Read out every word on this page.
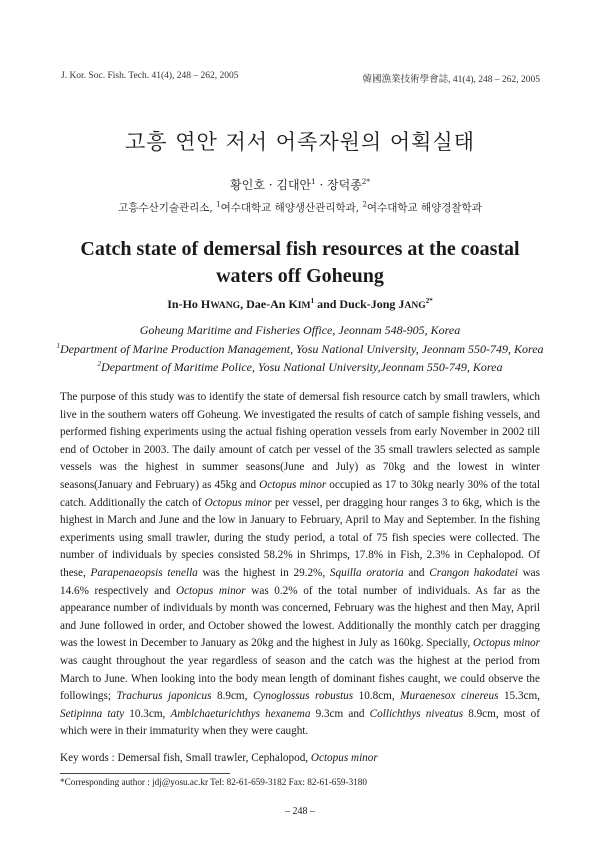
J. Kor. Soc. Fish. Tech. 41(4), 248 – 262, 2005	韓國漁業技術學會誌, 41(4), 248 – 262, 2005
고흥 연안 저서 어족자원의 어획실태
황인호 · 김대안$^1$ · 장덕종$^{2*}$
고흥수산기술관리소, $^1$여수대학교 해양생산관리학과, $^2$여수대학교 해양경찰학과
Catch state of demersal fish resources at the coastal
waters off Goheung
In-Ho HWANG, Dae-An KIM$^1$ and Duck-Jong $JANG^{2*}$
Goheung Maritime and Fisheries Office, Jeonnam 548-905, Korea
$^1$Department of Marine Production Management, Yosu National University, Jeonnam 550-749, Korea
$^2$Department of Maritime Police, Yosu National University,Jeonnam 550-749, Korea

The purpose of this study was to identify the state of demersal fish resource catch by small trawlers, which live in the southern waters off Goheung. We investigated the results of catch of sample fishing vessels, and performed fishing experiments using the actual fishing operation vessels from early November in 2002 till end of October in 2003. The daily amount of catch per vessel of the 35 small trawlers selected as sample vessels was the highest in summer seasons(June and July) as 70kg and the lowest in winter seasons(January and February) as 45kg and Octopus minor occupied as 17 to 30kg nearly 30% of the total catch. Additionally the catch of Octopus minor per vessel, per dragging hour ranges 3 to 6kg, which is the highest in March and June and the low in January to February, April to May and September. In the fishing experiments using small trawler, during the study period, a total of 75 fish species were collected. The number of individuals by species consisted 58.2% in Shrimps, 17.8% in Fish, 2.3% in Cephalopod. Of these, Parapenaeopsis tenella was the highest in 29.2%, Squilla oratoria and Crangon hakodatei was 14.6% respectively and Octopus minor was 0.2% of the total number of individuals. As far as the appearance number of individuals by month was concerned, February was the highest and then May, April and June followed in order, and October showed the lowest. Additionally the monthly catch per dragging was the lowest in December to January as 20kg and the highest in July as 160kg. Specially, Octopus minor was caught throughout the year regardless of season and the catch was the highest at the period from March to June. When looking into the body mean length of dominant fishes caught, we could observe the followings; Trachurus japonicus 8.9cm, Cynoglossus robustus 10.8cm, Muraenesox cinereus 15.3cm, Setipinna taty 10.3cm, Amblchaeturichthys hexanema 9.3cm and Collichthys niveatus 8.9cm, most of which were in their immaturity when they were caught.

Key words : Demersal fish, Small trawler, Cephalopod, Octopus minor
*Corresponding author : jdj@yosu.ac.kr Tel: 82-61-659-3182 Fax: 82-61-659-3180
– 248 –
